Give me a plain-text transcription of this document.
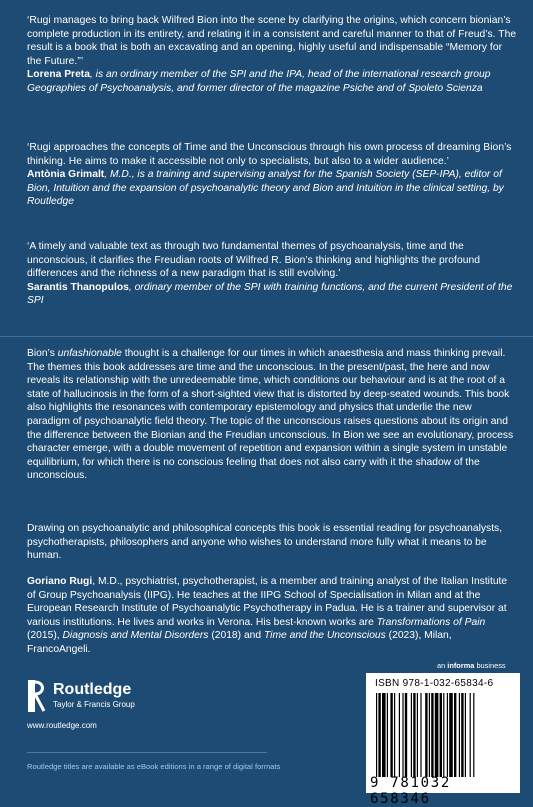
‘Rugi manages to bring back Wilfred Bion into the scene by clarifying the origins, which concern bionian’s complete production in its entirety, and relating it in a consistent and careful manner to that of Freud’s. The result is a book that is both an excavating and an opening, highly useful and indispensable “Memory for the Future.”’

Lorena Preta, is an ordinary member of the SPI and the IPA, head of the international research group Geographies of Psychoanalysis, and former director of the magazine Psiche and of Spoleto Scienza

‘Rugi approaches the concepts of Time and the Unconscious through his own process of dreaming Bion’s thinking. He aims to make it accessible not only to specialists, but also to a wider audience.’

Antònia Grimalt, M.D., is a training and supervising analyst for the Spanish Society (SEP-IPA), editor of Bion, Intuition and the expansion of psychoanalytic theory and Bion and Intuition in the clinical setting, by Routledge

‘A timely and valuable text as through two fundamental themes of psychoanalysis, time and the unconscious, it clarifies the Freudian roots of Wilfred R. Bion’s thinking and highlights the profound differences and the richness of a new paradigm that is still evolving.’

Sarantis Thanopulos, ordinary member of the SPI with training functions, and the current President of the SPI

Bion’s unfashionable thought is a challenge for our times in which anaesthesia and mass thinking prevail. The themes this book addresses are time and the unconscious. In the present/past, the here and now reveals its relationship with the unredeemable time, which conditions our behaviour and is at the root of a state of hallucinosis in the form of a short-sighted view that is distorted by deep-seated wounds. This book also highlights the resonances with contemporary epistemology and physics that underlie the new paradigm of psychoanalytic field theory. The topic of the unconscious raises questions about its origin and the difference between the Bionian and the Freudian unconscious. In Bion we see an evolutionary, process character emerge, with a double movement of repetition and expansion within a single system in unstable equilibrium, for which there is no conscious feeling that does not also carry with it the shadow of the unconscious.

Drawing on psychoanalytic and philosophical concepts this book is essential reading for psychoanalysts, psychotherapists, philosophers and anyone who wishes to understand more fully what it means to be human.

Goriano Rugi, M.D., psychiatrist, psychotherapist, is a member and training analyst of the Italian Institute of Group Psychoanalysis (IIPG). He teaches at the IIPG School of Specialisation in Milan and at the European Research Institute of Psychoanalytic Psychotherapy in Padua. He is a trainer and supervisor at various institutions. He lives and works in Verona. His best-known works are Transformations of Pain (2015), Diagnosis and Mental Disorders (2018) and Time and the Unconscious (2023), Milan, FrancoAngeli.

an informa business
Routledge
Taylor & Francis Group
www.routledge.com
Routledge titles are available as eBook editions in a range of digital formats
ISBN 978-1-032-65834-6
9 781032 658346
